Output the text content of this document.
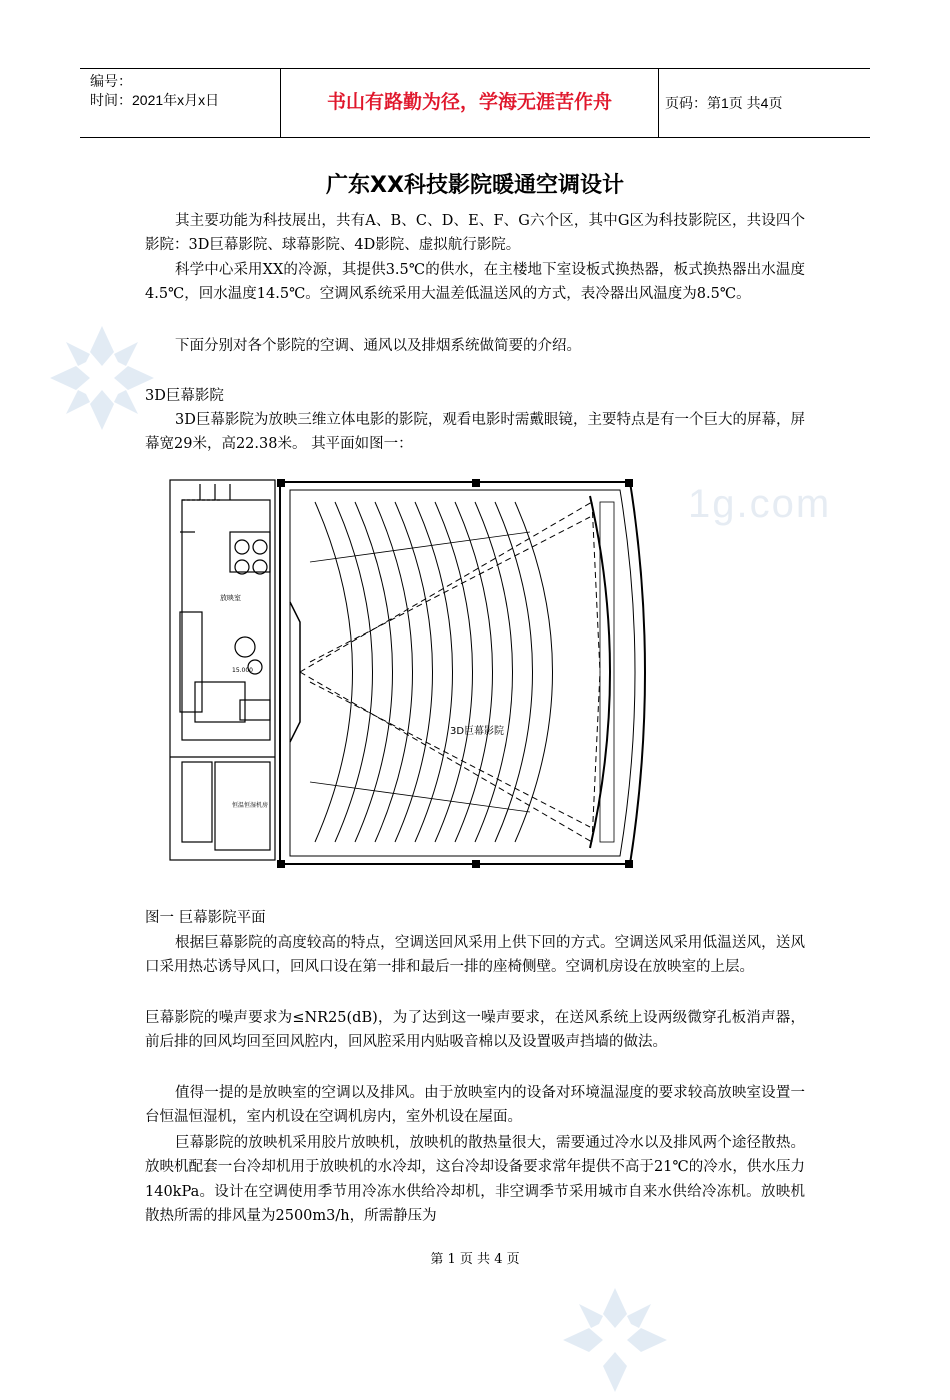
1g.com
编号：
时间：2021年x月x日	书山有路勤为径，学海无涯苦作舟	页码：第1页 共4页
广东XX科技影院暖通空调设计
其主要功能为科技展出，共有A、B、C、D、E、F、G六个区，其中G区为科技影院区，共设四个影院：3D巨幕影院、球幕影院、4D影院、虚拟航行影院。
科学中心采用XX的冷源，其提供3.5℃的供水，在主楼地下室设板式换热器，板式换热器出水温度4.5℃，回水温度14.5℃。空调风系统采用大温差低温送风的方式，表冷器出风温度为8.5℃。
下面分别对各个影院的空调、通风以及排烟系统做简要的介绍。
3D巨幕影院
3D巨幕影院为放映三维立体电影的影院，观看电影时需戴眼镜，主要特点是有一个巨大的屏幕，屏幕宽29米，高22.38米。 其平面如图一：
3D巨幕影院
放映室
15.000
恒温恒湿机房
图一 巨幕影院平面
根据巨幕影院的高度较高的特点，空调送回风采用上供下回的方式。空调送风采用低温送风，送风口采用热芯诱导风口，回风口设在第一排和最后一排的座椅侧壁。空调机房设在放映室的上层。
巨幕影院的噪声要求为≤NR25(dB)，为了达到这一噪声要求，在送风系统上设两级微穿孔板消声器，前后排的回风均回至回风腔内，回风腔采用内贴吸音棉以及设置吸声挡墙的做法。
值得一提的是放映室的空调以及排风。由于放映室内的设备对环境温湿度的要求较高放映室设置一台恒温恒湿机，室内机设在空调机房内，室外机设在屋面。
巨幕影院的放映机采用胶片放映机，放映机的散热量很大，需要通过冷水以及排风两个途径散热。放映机配套一台冷却机用于放映机的水冷却，这台冷却设备要求常年提供不高于21℃的冷水，供水压力140kPa。设计在空调使用季节用冷冻水供给冷却机，非空调季节采用城市自来水供给冷冻机。放映机散热所需的排风量为2500m3/h，所需静压为
第 1 页 共 4 页
